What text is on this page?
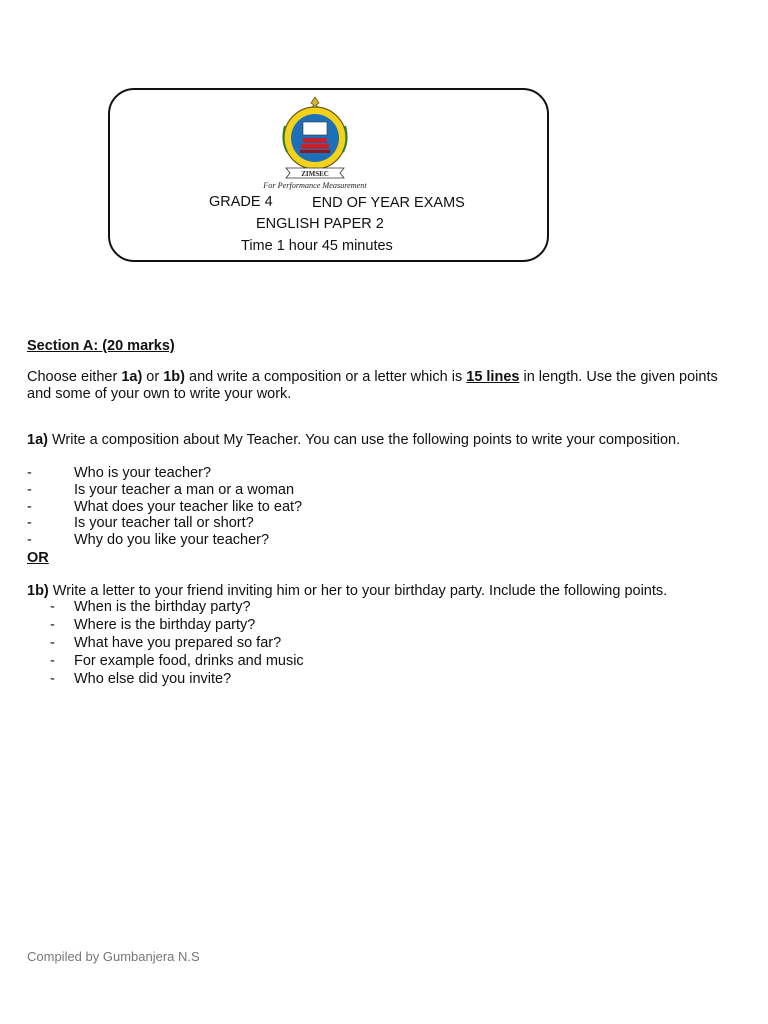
ZIMSEC
For Performance Measurement
GRADE 4	END OF YEAR EXAMS
ENGLISH PAPER 2
Time 1 hour 45 minutes
Section A: (20 marks)
Choose either 1a) or 1b) and write a composition or a letter which is 15 lines in length. Use the given points and some of your own to write your work.
1a) Write a composition about My Teacher. You can use the following points to write your composition.
-	Who is your teacher?
-	Is your teacher a man or a woman
-	What does your teacher like to eat?
-	Is your teacher tall or short?
-	Why do you like your teacher?
OR
1b) Write a letter to your friend inviting him or her to your birthday party. Include the following points.
- When is the birthday party?
- Where is the birthday party?
- What have you prepared so far?
- For example food, drinks and music
- Who else did you invite?
Compiled by Gumbanjera N.S
